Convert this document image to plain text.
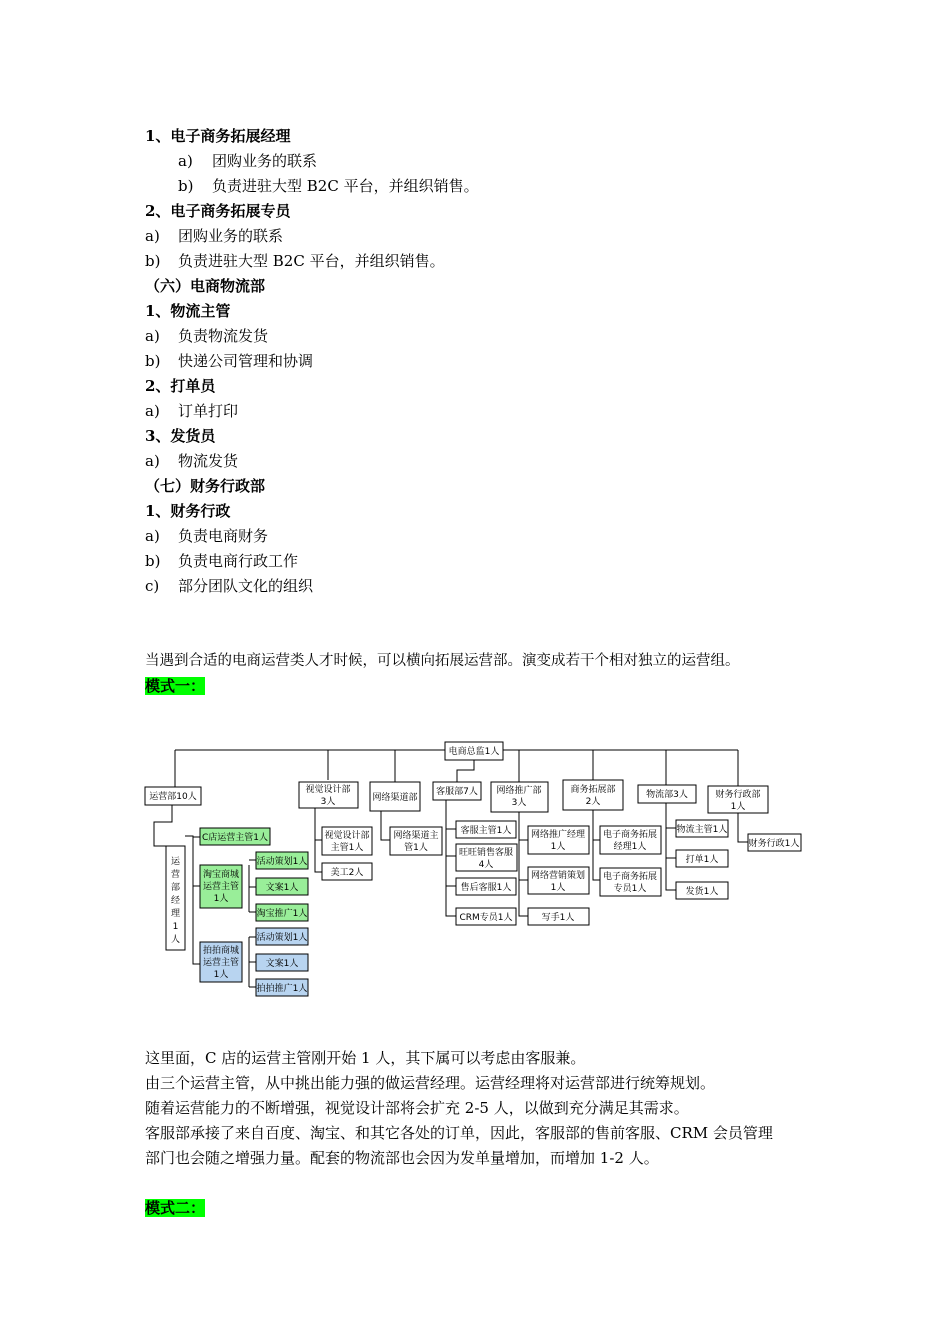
1、电子商务拓展经理
a) 团购业务的联系
b) 负责进驻大型 B2C 平台，并组织销售。
2、电子商务拓展专员
a) 团购业务的联系
b) 负责进驻大型 B2C 平台，并组织销售。
（六）电商物流部
1、物流主管
a) 负责物流发货
b) 快递公司管理和协调
2、打单员
a) 订单打印
3、发货员
a) 物流发货
（七）财务行政部
1、财务行政
a) 负责电商财务
b) 负责电商行政工作
c) 部分团队文化的组织
当遇到合适的电商运营类人才时候，可以横向拓展运营部。演变成若干个相对独立的运营组。
模式一：
电商总监1人
运营部10人
视觉设计部
3人	网络渠道部
客服部7人 网络推广部
3人
商务拓展部
2人
物流部3人	财务行政部
1人
运
营
部
经
理
1
人
C店运营主管1人
淘宝商城
运营主管
1人
活动策划1人
文案1人
淘宝推广1人
拍拍商城
运营主管
1人
活动策划1人
文案1人
拍拍推广1人
视觉设计部
主管1人
美工2人
网络渠道主
管1人
客服主管1人
旺旺销售客服
4人
售后客服1人
CRM专员1人
网络推广经理
1人
网络营销策划
1人
写手1人
电子商务拓展
经理1人
电子商务拓展
专员1人
物流主管1人
打单1人
发货1人
财务行政1人
这里面，C 店的运营主管刚开始 1 人，其下属可以考虑由客服兼。
由三个运营主管，从中挑出能力强的做运营经理。运营经理将对运营部进行统筹规划。
随着运营能力的不断增强，视觉设计部将会扩充 2-5 人，以做到充分满足其需求。
客服部承接了来自百度、淘宝、和其它各处的订单，因此，客服部的售前客服、CRM 会员管理
部门也会随之增强力量。配套的物流部也会因为发单量增加，而增加 1-2 人。
模式二：
